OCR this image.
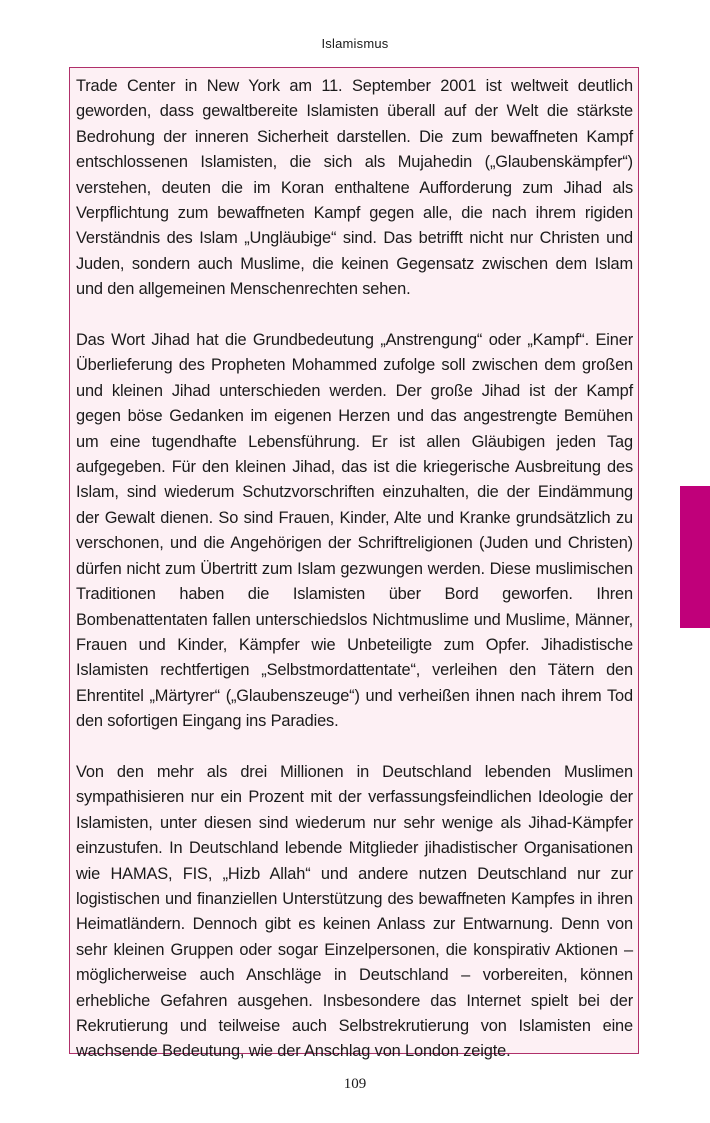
Islamismus

Trade Center in New York am 11. September 2001 ist weltweit deutlich geworden, dass gewaltbereite Islamisten überall auf der Welt die stärkste Bedrohung der inneren Sicherheit darstellen. Die zum bewaffneten Kampf entschlossenen Islamisten, die sich als Mujahedin („Glaubenskämpfer“) verstehen, deuten die im Koran enthaltene Aufforderung zum Jihad als Verpflichtung zum bewaffneten Kampf gegen alle, die nach ihrem rigiden Verständnis des Islam „Ungläubige“ sind. Das betrifft nicht nur Christen und Juden, sondern auch Muslime, die keinen Gegensatz zwischen dem Islam und den allgemeinen Menschenrechten sehen.

Das Wort Jihad hat die Grundbedeutung „Anstrengung“ oder „Kampf“. Einer Überlieferung des Propheten Mohammed zufolge soll zwischen dem großen und kleinen Jihad unterschieden werden. Der große Jihad ist der Kampf gegen böse Gedanken im eigenen Herzen und das angestrengte Bemühen um eine tugendhafte Lebensführung. Er ist allen Gläubigen jeden Tag aufgegeben. Für den kleinen Jihad, das ist die kriegerische Ausbreitung des Islam, sind wiederum Schutzvorschriften einzuhalten, die der Eindämmung der Gewalt dienen. So sind Frauen, Kinder, Alte und Kranke grundsätzlich zu verschonen, und die Angehörigen der Schriftreligionen (Juden und Christen) dürfen nicht zum Übertritt zum Islam gezwungen werden. Diese muslimischen Traditionen haben die Islamisten über Bord geworfen. Ihren Bombenattentaten fallen unterschiedslos Nichtmuslime und Muslime, Männer, Frauen und Kinder, Kämpfer wie Unbeteiligte zum Opfer. Jihadistische Islamisten rechtfertigen „Selbstmordattentate“, verleihen den Tätern den Ehrentitel „Märtyrer“ („Glaubenszeuge“) und verheißen ihnen nach ihrem Tod den sofortigen Eingang ins Paradies.

Von den mehr als drei Millionen in Deutschland lebenden Muslimen sympathisieren nur ein Prozent mit der verfassungsfeindlichen Ideologie der Islamisten, unter diesen sind wiederum nur sehr wenige als Jihad-Kämpfer einzustufen. In Deutschland lebende Mitglieder jihadistischer Organisationen wie HAMAS, FIS, „Hizb Allah“ und andere nutzen Deutschland nur zur logistischen und finanziellen Unterstützung des bewaffneten Kampfes in ihren Heimatländern. Dennoch gibt es keinen Anlass zur Entwarnung. Denn von sehr kleinen Gruppen oder sogar Einzelpersonen, die konspirativ Aktionen – möglicherweise auch Anschläge in Deutschland – vorbereiten, können erhebliche Gefahren ausgehen. Insbesondere das Internet spielt bei der Rekrutierung und teilweise auch Selbstrekrutierung von Islamisten eine wachsende Bedeutung, wie der Anschlag von London zeigte.

109
